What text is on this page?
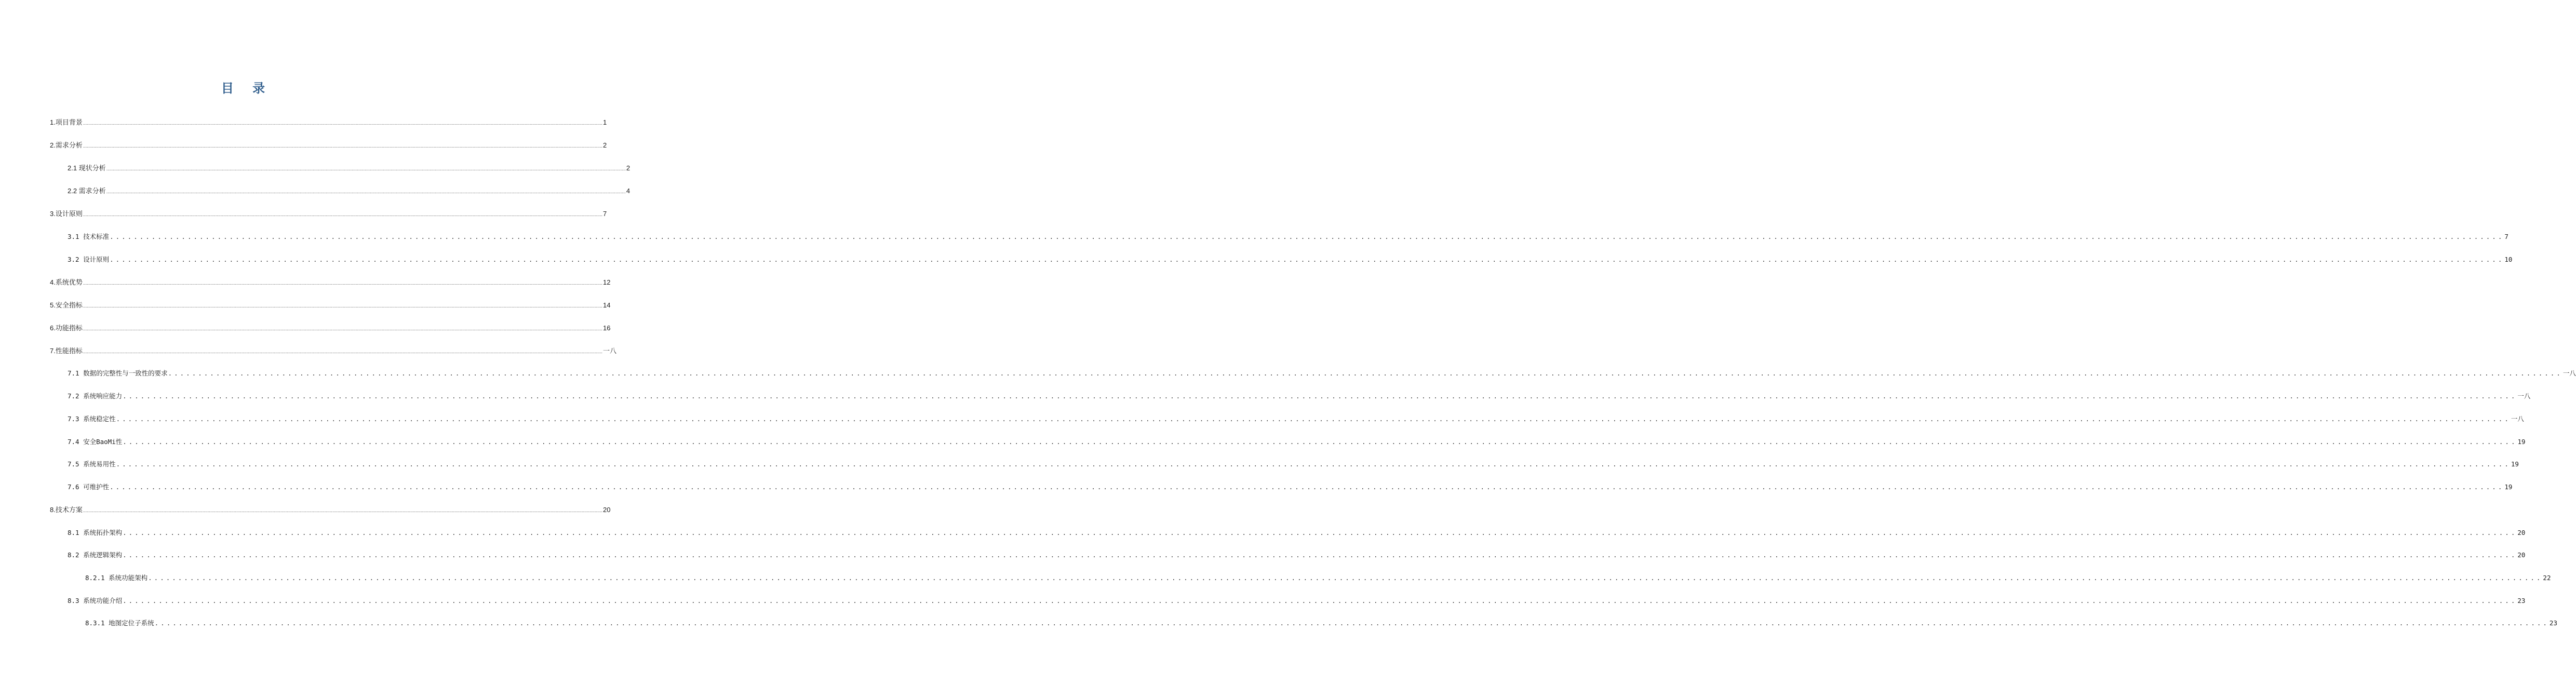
目 录
1.项目背景 ................................................................................................................................................................................................................................................................................................................................................................................................................ 1
2.需求分析 ................................................................................................................................................................................................................................................................................................................................................................................................................ 2
2.1 现状分析 ................................................................................................................................................................................................................................................................................................................................................................................................................ 2
2.2 需求分析 ................................................................................................................................................................................................................................................................................................................................................................................................................ 4
3.设计原则 ................................................................................................................................................................................................................................................................................................................................................................................................................ 7
3.1 技术标准 ................................................................................................................................................................................................................................................................................................................................................................................................................ 7
3.2 设计原则 ................................................................................................................................................................................................................................................................................................................................................................................................................ 10
4.系统优势 ................................................................................................................................................................................................................................................................................................................................................................................................................ 12
5.安全指标 ................................................................................................................................................................................................................................................................................................................................................................................................................ 14
6.功能指标 ................................................................................................................................................................................................................................................................................................................................................................................................................ 16
7.性能指标 ................................................................................................................................................................................................................................................................................................................................................................................................................ 一八
7.1 数据的完整性与一致性的要求 ................................................................................................................................................................................................................................................................................................................................................................................................................ 一八
7.2 系统响应能力 ................................................................................................................................................................................................................................................................................................................................................................................................................ 一八
7.3 系统稳定性 ................................................................................................................................................................................................................................................................................................................................................................................................................ 一八
7.4 安全BaoMi性 ................................................................................................................................................................................................................................................................................................................................................................................................................ 19
7.5 系统易用性 ................................................................................................................................................................................................................................................................................................................................................................................................................ 19
7.6 可维护性 ................................................................................................................................................................................................................................................................................................................................................................................................................ 19
8.技术方案 ................................................................................................................................................................................................................................................................................................................................................................................................................ 20
8.1 系统拓扑架构 ................................................................................................................................................................................................................................................................................................................................................................................................................ 20
8.2 系统逻辑架构 ................................................................................................................................................................................................................................................................................................................................................................................................................ 20
8.2.1 系统功能架构 ................................................................................................................................................................................................................................................................................................................................................................................................................ 22
8.3 系统功能介绍 ................................................................................................................................................................................................................................................................................................................................................................................................................ 23
8.3.1 地图定位子系统 ................................................................................................................................................................................................................................................................................................................................................................................................................ 23
